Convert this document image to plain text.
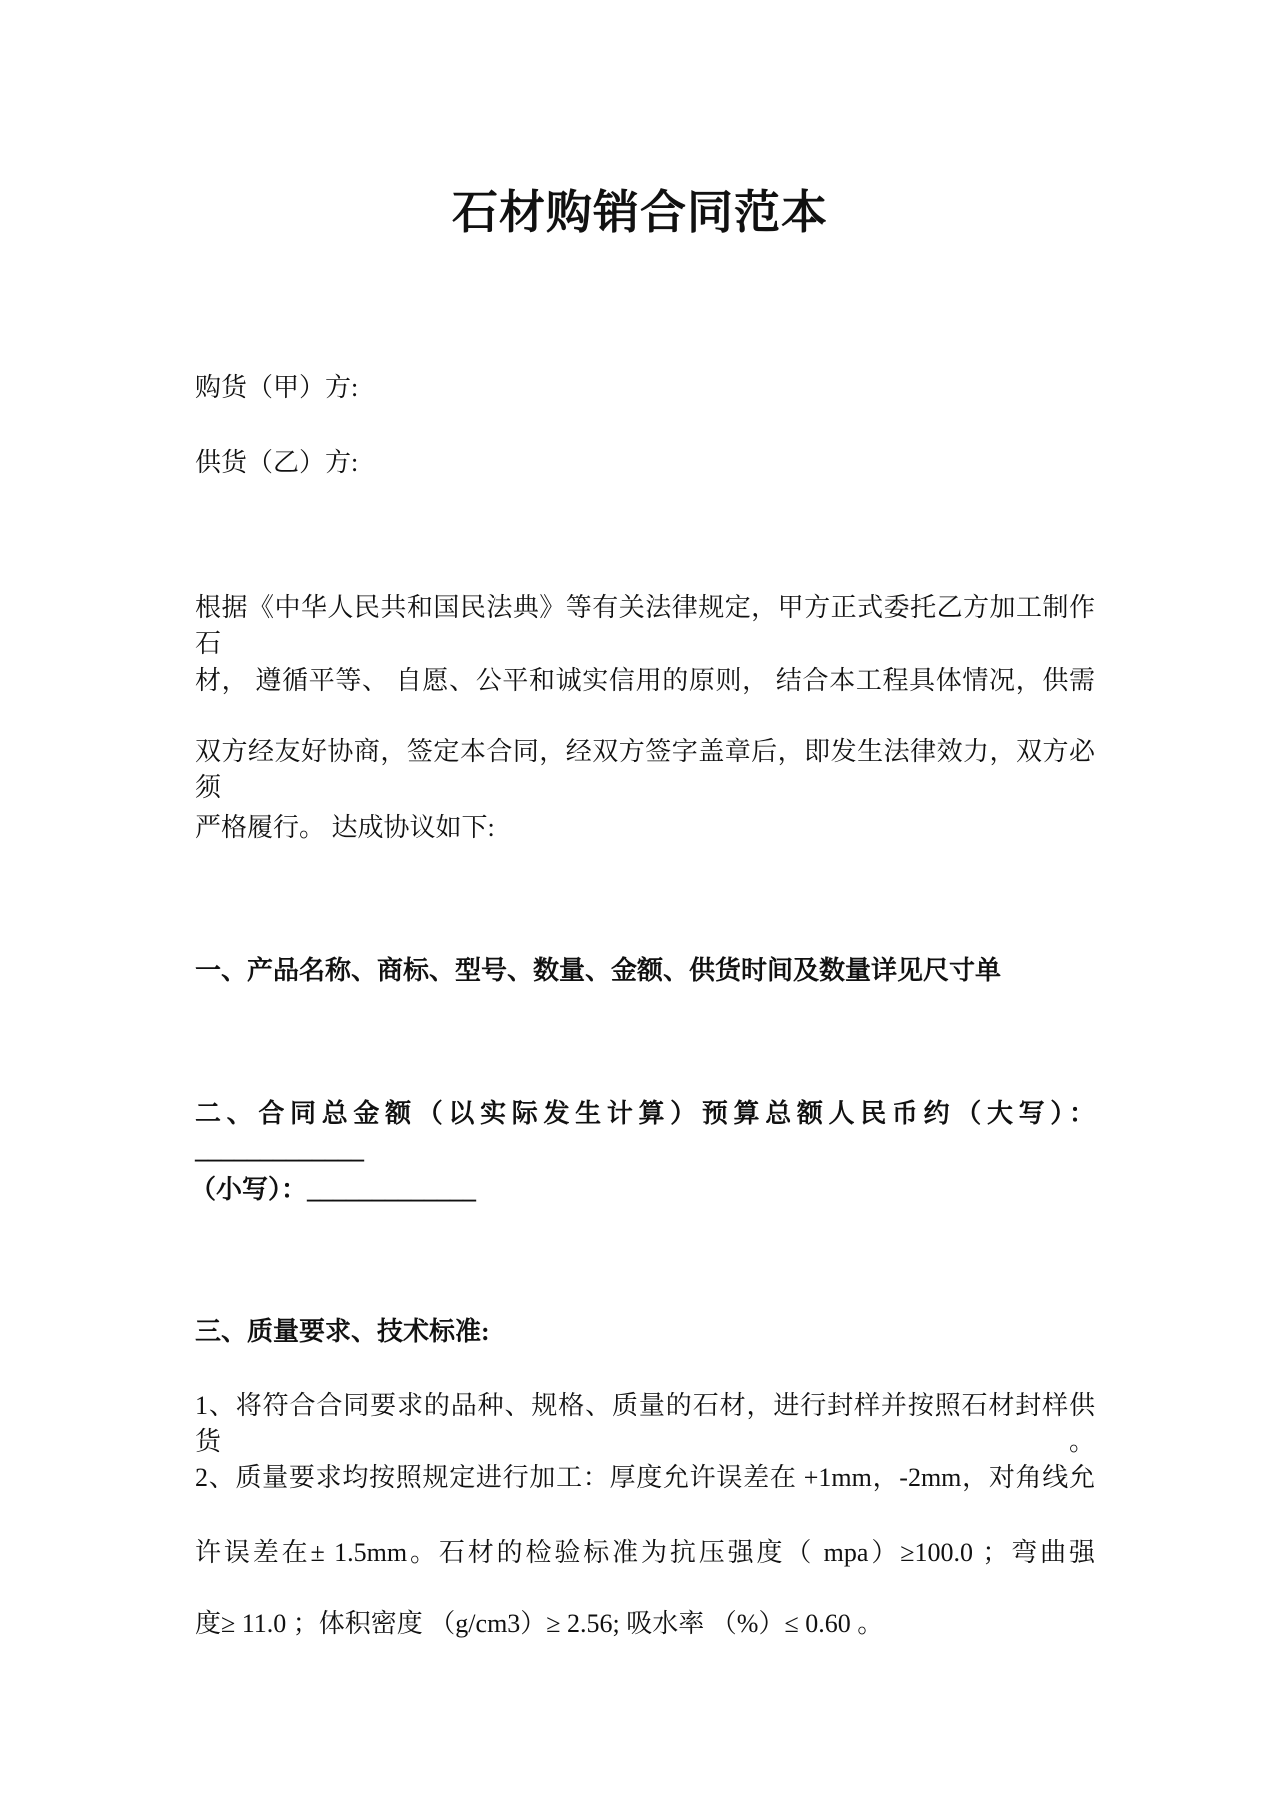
石材购销合同范本
购货（甲）方:
供货（乙）方:
根据《中华人民共和国民法典》等有关法律规定，甲方正式委托乙方加工制作石
材， 遵循平等、 自愿、公平和诚实信用的原则， 结合本工程具体情况，供需
双方经友好协商，签定本合同，经双方签字盖章后，即发生法律效力，双方必须
严格履行。 达成协议如下:
一、产品名称、商标、型号、数量、金额、供货时间及数量详见尺寸单
二、合同总金额（以实际发生计算）预算总额人民币约（大写）：_____________
（小写）：_____________
三、质量要求、技术标准:
1、将符合合同要求的品种、规格、质量的石材，进行封样并按照石材封样供货。
2、质量要求均按照规定进行加工：厚度允许误差在 +1mm，-2mm，对角线允
许误差在± 1.5mm。石材的检验标准为抗压强度（ mpa）≥100.0 ；弯曲强
度≥ 11.0 ；体积密度 （g/cm3）≥ 2.56; 吸水率 （%）≤ 0.60 。
